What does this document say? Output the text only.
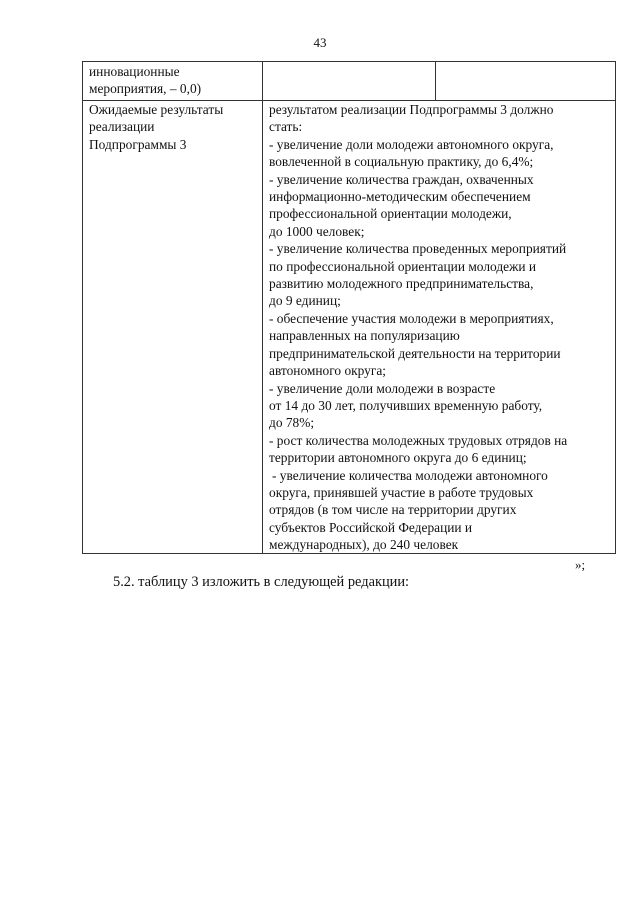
43
инновационные
мероприятия, – 0,0)
Ожидаемые результаты
реализации
Подпрограммы 3
результатом реализации Подпрограммы 3 должно
стать:
- увеличение доли молодежи автономного округа,
вовлеченной в социальную практику, до 6,4%;
- увеличение количества граждан, охваченных
информационно-методическим обеспечением
профессиональной ориентации молодежи,
до 1000 человек;
- увеличение количества проведенных мероприятий
по профессиональной ориентации молодежи и
развитию молодежного предпринимательства,
до 9 единиц;
- обеспечение участия молодежи в мероприятиях,
направленных на популяризацию
предпринимательской деятельности на территории
автономного округа;
- увеличение доли молодежи в возрасте
от 14 до 30 лет, получивших временную работу,
до 78%;
- рост количества молодежных трудовых отрядов на
территории автономного округа до 6 единиц;
- увеличение количества молодежи автономного
округа, принявшей участие в работе трудовых
отрядов (в том числе на территории других
субъектов Российской Федерации и
международных), до 240 человек
»;
5.2. таблицу 3 изложить в следующей редакции:
